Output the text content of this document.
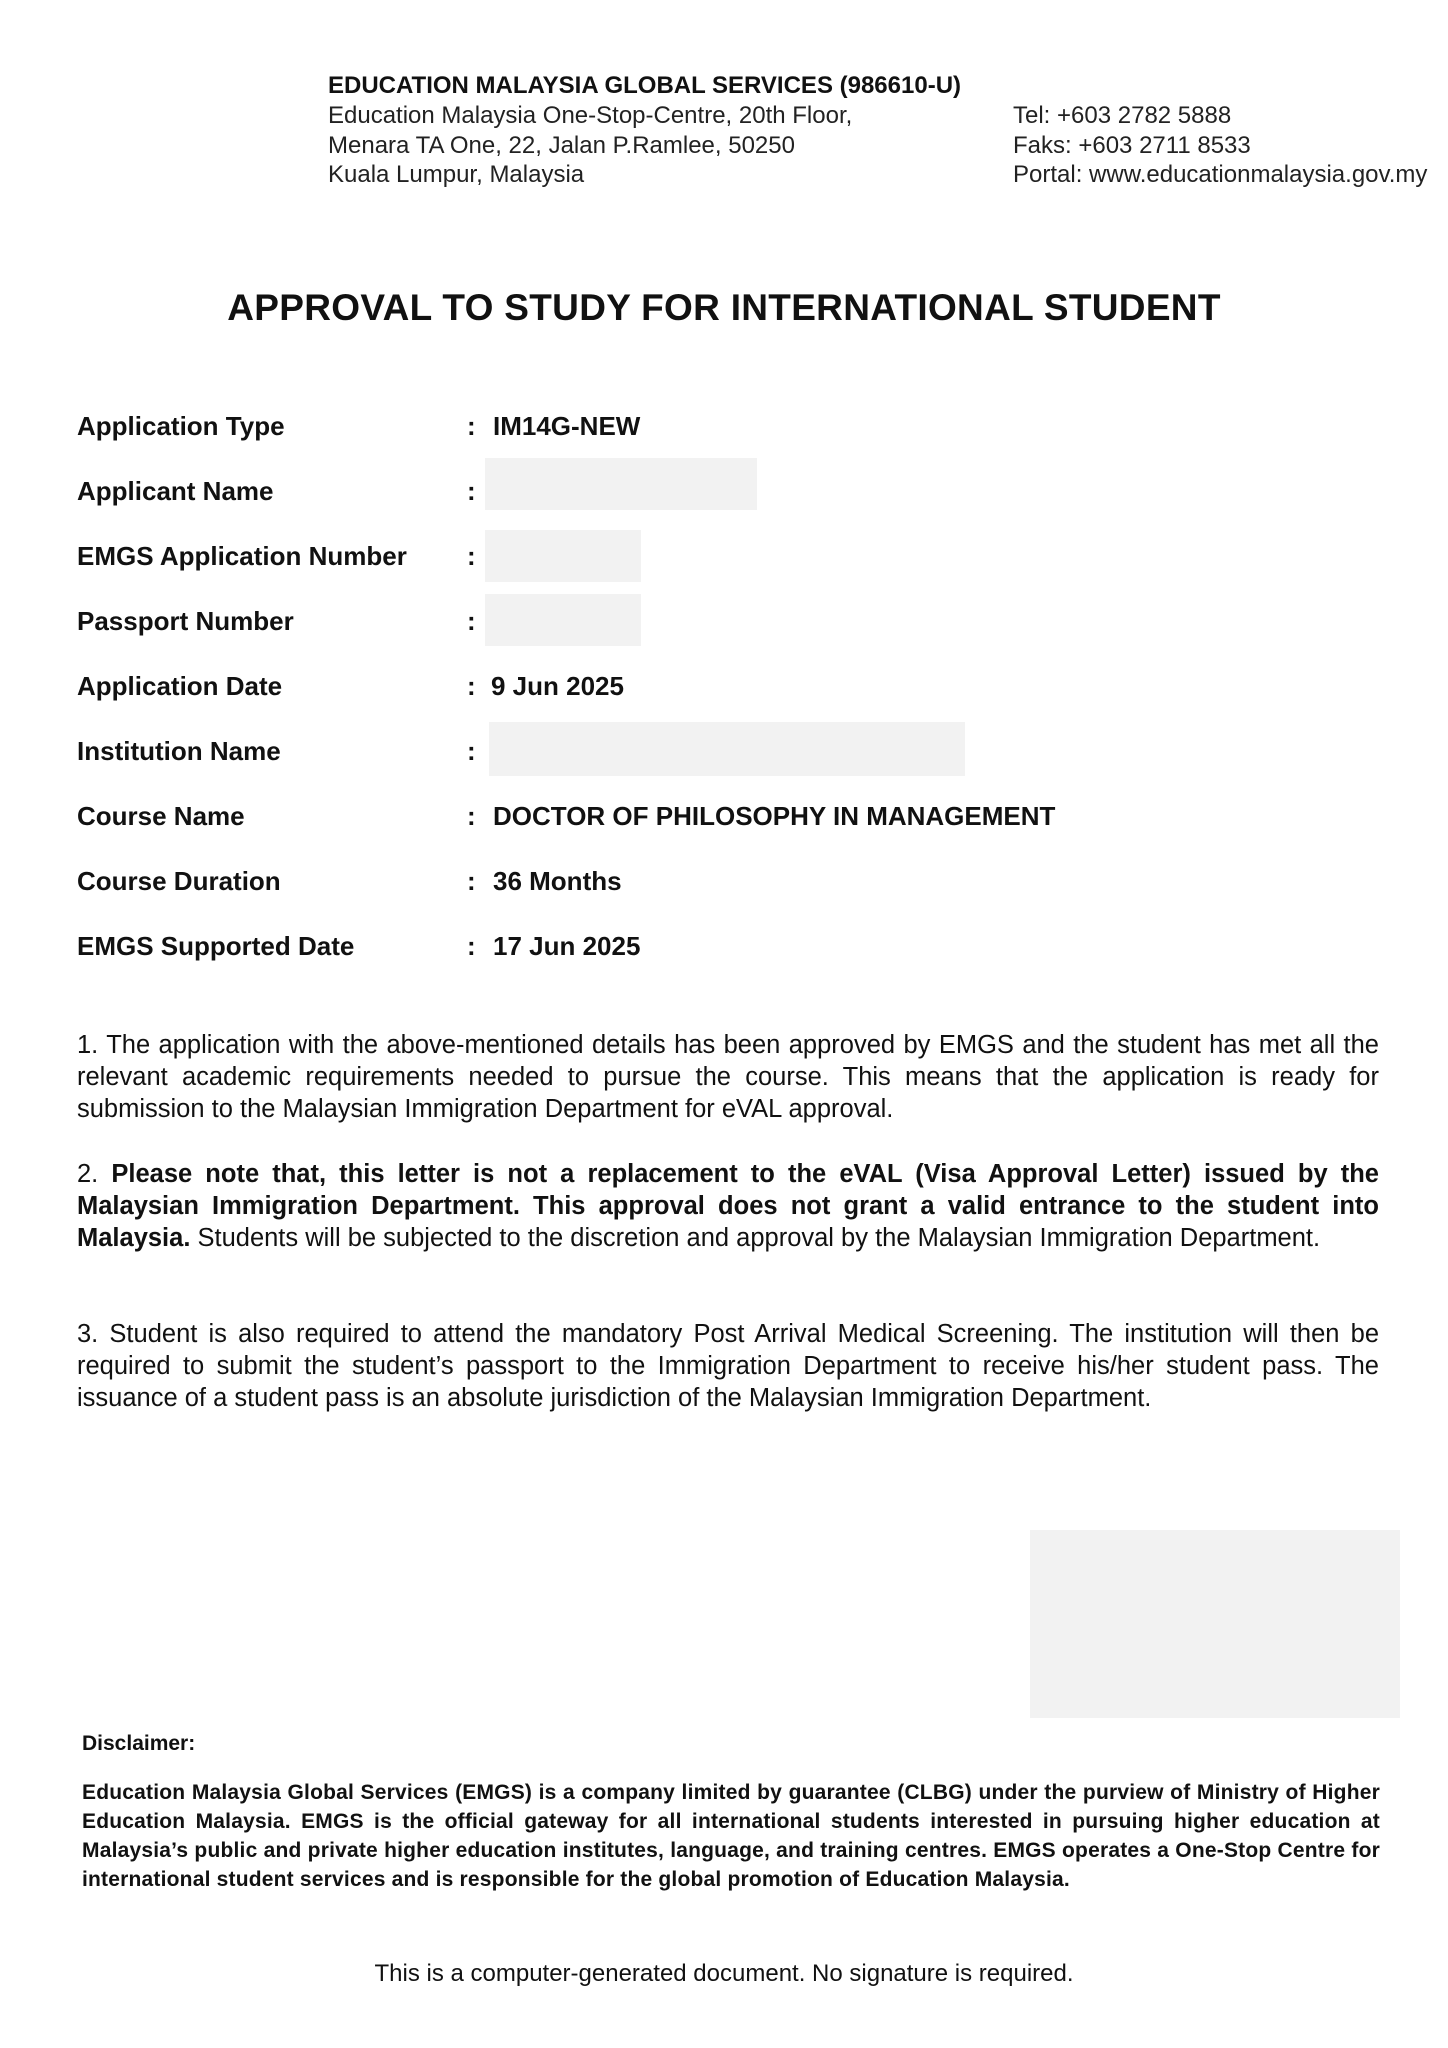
EDUCATION MALAYSIA GLOBAL SERVICES (986610-U)
Education Malaysia One-Stop-Centre, 20th Floor,
Menara TA One, 22, Jalan P.Ramlee, 50250
Kuala Lumpur, Malaysia
Tel: +603 2782 5888
Faks: +603 2711 8533
Portal: www.educationmalaysia.gov.my
APPROVAL TO STUDY FOR INTERNATIONAL STUDENT
Application Type	: IM14G-NEW
Applicant Name	:
EMGS Application Number :
Passport Number	:
Application Date	: 9 Jun 2025
Institution Name	:
Course Name	: DOCTOR OF PHILOSOPHY IN MANAGEMENT
Course Duration	: 36 Months
EMGS Supported Date	: 17 Jun 2025
1. The application with the above-mentioned details has been approved by EMGS and the student has met all the relevant academic requirements needed to pursue the course. This means that the application is ready for submission to the Malaysian Immigration Department for eVAL approval.
2. Please note that, this letter is not a replacement to the eVAL (Visa Approval Letter) issued by the Malaysian Immigration Department. This approval does not grant a valid entrance to the student into Malaysia. Students will be subjected to the discretion and approval by the Malaysian Immigration Department.
3. Student is also required to attend the mandatory Post Arrival Medical Screening. The institution will then be required to submit the student’s passport to the Immigration Department to receive his/her student pass. The issuance of a student pass is an absolute jurisdiction of the Malaysian Immigration Department.
Disclaimer:
Education Malaysia Global Services (EMGS) is a company limited by guarantee (CLBG) under the purview of Ministry of Higher Education Malaysia. EMGS is the official gateway for all international students interested in pursuing higher education at Malaysia’s public and private higher education institutes, language, and training centres. EMGS operates a One-Stop Centre for international student services and is responsible for the global promotion of Education Malaysia.
This is a computer-generated document. No signature is required.
